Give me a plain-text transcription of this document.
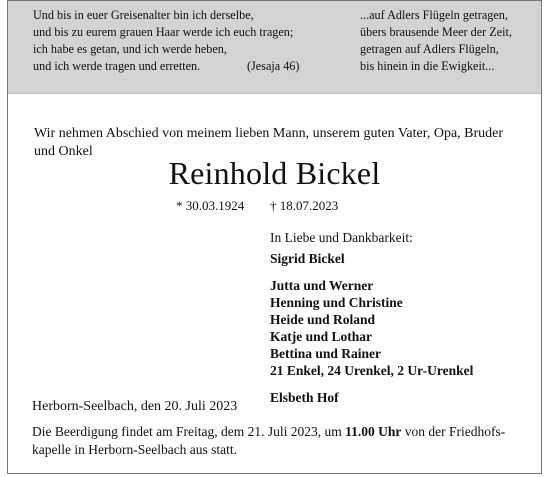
Und bis in euer Greisenalter bin ich derselbe,
und bis zu eurem grauen Haar werde ich euch tragen;
ich habe es getan, und ich werde heben,
und ich werde tragen und erretten.	(Jesaja 46)
...auf Adlers Flügeln getragen,
übers brausende Meer der Zeit,
getragen auf Adlers Flügeln,
bis hinein in die Ewigkeit...
Wir nehmen Abschied von meinem lieben Mann, unserem guten Vater, Opa, Bruder und Onkel
Reinhold Bickel
* 30.03.1924 † 18.07.2023
In Liebe und Dankbarkeit:
Sigrid Bickel
Jutta und Werner
Henning und Christine
Heide und Roland
Katje und Lothar
Bettina und Rainer
21 Enkel, 24 Urenkel, 2 Ur-Urenkel
Elsbeth Hof
Herborn-Seelbach, den 20. Juli 2023
Die Beerdigung findet am Freitag, dem 21. Juli 2023, um 11.00 Uhr von der Friedhofs-kapelle in Herborn-Seelbach aus statt.
